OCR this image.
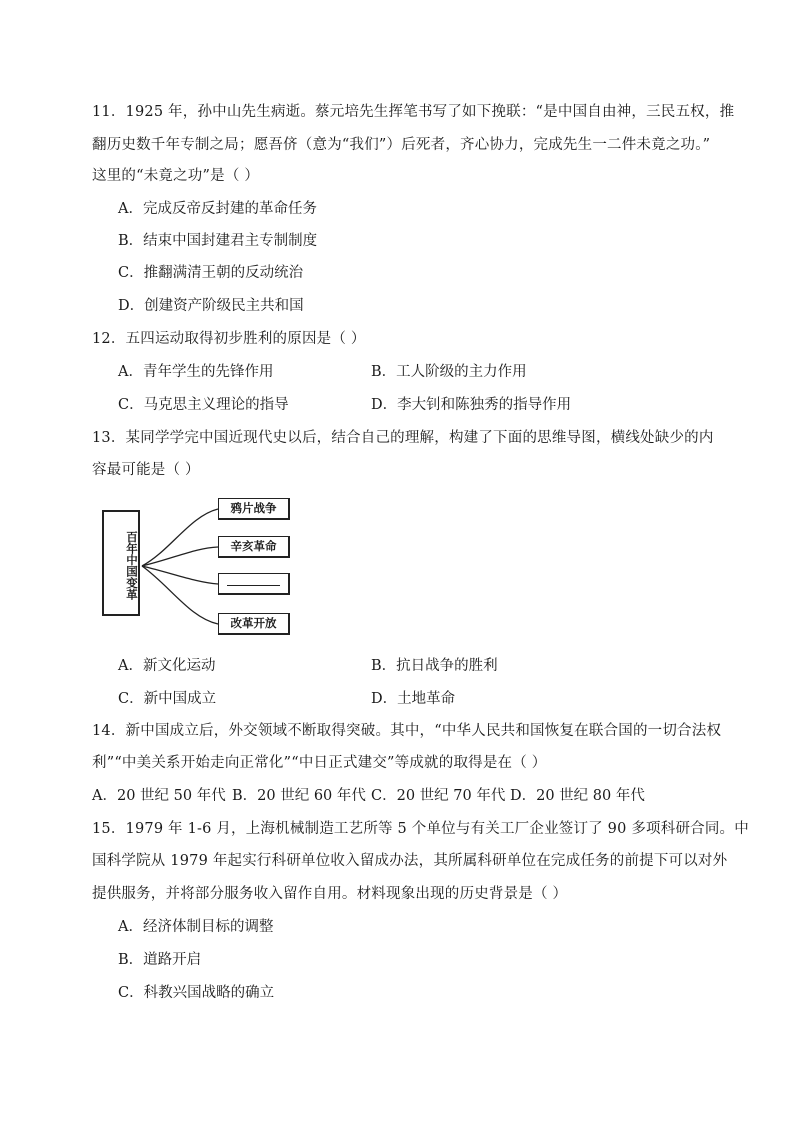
11．1925 年，孙中山先生病逝。蔡元培先生挥笔书写了如下挽联：“是中国自由神，三民五权，推
翻历史数千年专制之局；愿吾侪（意为“我们”）后死者，齐心协力，完成先生一二件未竟之功。”
这里的“未竟之功”是（ ）
A．完成反帝反封建的革命任务
B．结束中国封建君主专制制度
C．推翻满清王朝的反动统治
D．创建资产阶级民主共和国
12．五四运动取得初步胜利的原因是（ ）
A．青年学生的先锋作用	B．工人阶级的主力作用
C．马克思主义理论的指导	D．李大钊和陈独秀的指导作用
13．某同学学完中国近现代史以后，结合自己的理解，构建了下面的思维导图，横线处缺少的内
容最可能是（ ）
百年中国变革
鸦片战争
辛亥革命
改革开放
A．新文化运动	B．抗日战争的胜利
C．新中国成立	D．土地革命
14．新中国成立后，外交领域不断取得突破。其中，“中华人民共和国恢复在联合国的一切合法权
利”“中美关系开始走向正常化”“中日正式建交”等成就的取得是在（ ）
A．20 世纪 50 年代 B．20 世纪 60 年代 C．20 世纪 70 年代 D．20 世纪 80 年代
15．1979 年 1-6 月，上海机械制造工艺所等 5 个单位与有关工厂企业签订了 90 多项科研合同。中
国科学院从 1979 年起实行科研单位收入留成办法，其所属科研单位在完成任务的前提下可以对外
提供服务，并将部分服务收入留作自用。材料现象出现的历史背景是（ ）
A．经济体制目标的调整
B．道路开启
C．科教兴国战略的确立
